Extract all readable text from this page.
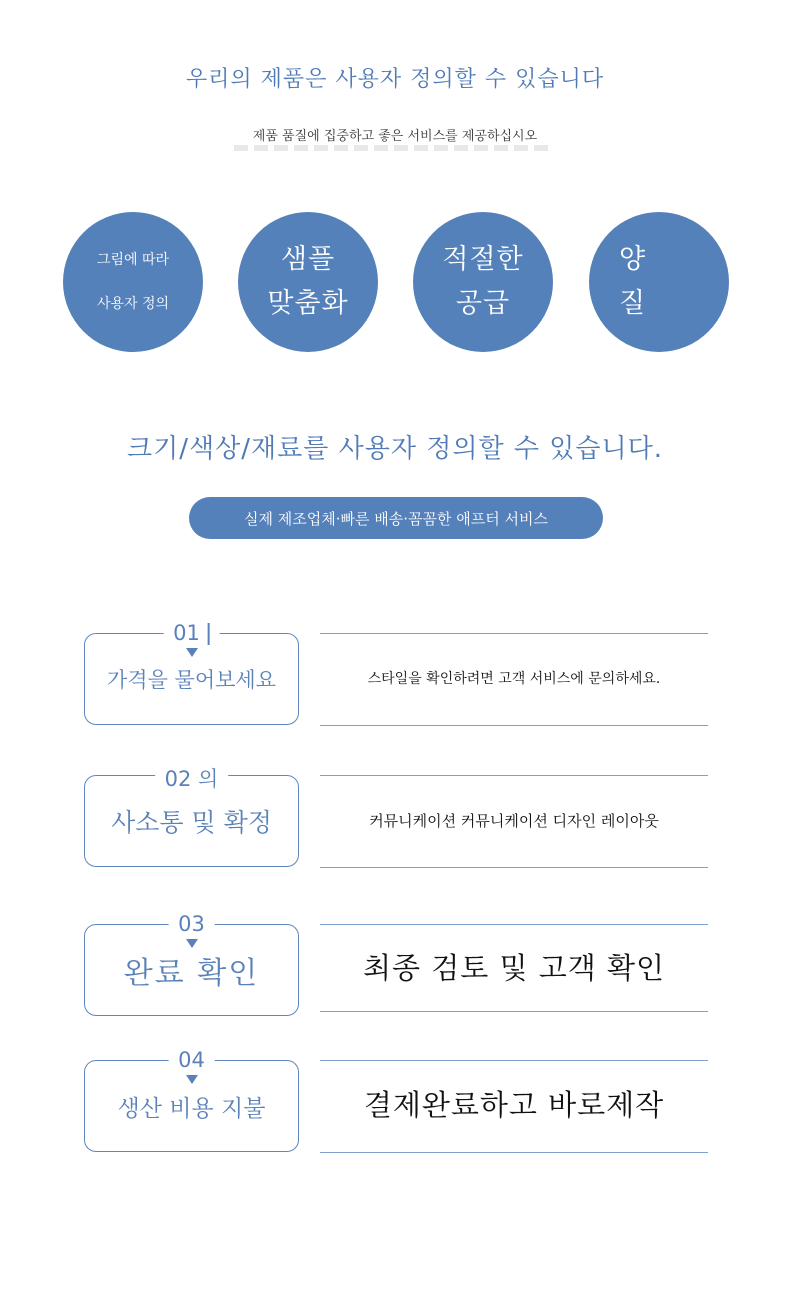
우리의 제품은 사용자 정의할 수 있습니다
제품 품질에 집중하고 좋은 서비스를 제공하십시오
그림에 따라
사용자 정의
샘플
맞춤화
적절한
공급
양
질
크기/색상/재료를 사용자 정의할 수 있습니다.
실제 제조업체·빠른 배송·꼼꼼한 애프터 서비스
01
가격을 물어보세요	스타일을 확인하려면 고객 서비스에 문의하세요.
02 의
사소통 및 확정	커뮤니케이션 커뮤니케이션 디자인 레이아웃
03
완료 확인	최종 검토 및 고객 확인
04
생산 비용 지불	결제완료하고 바로제작
